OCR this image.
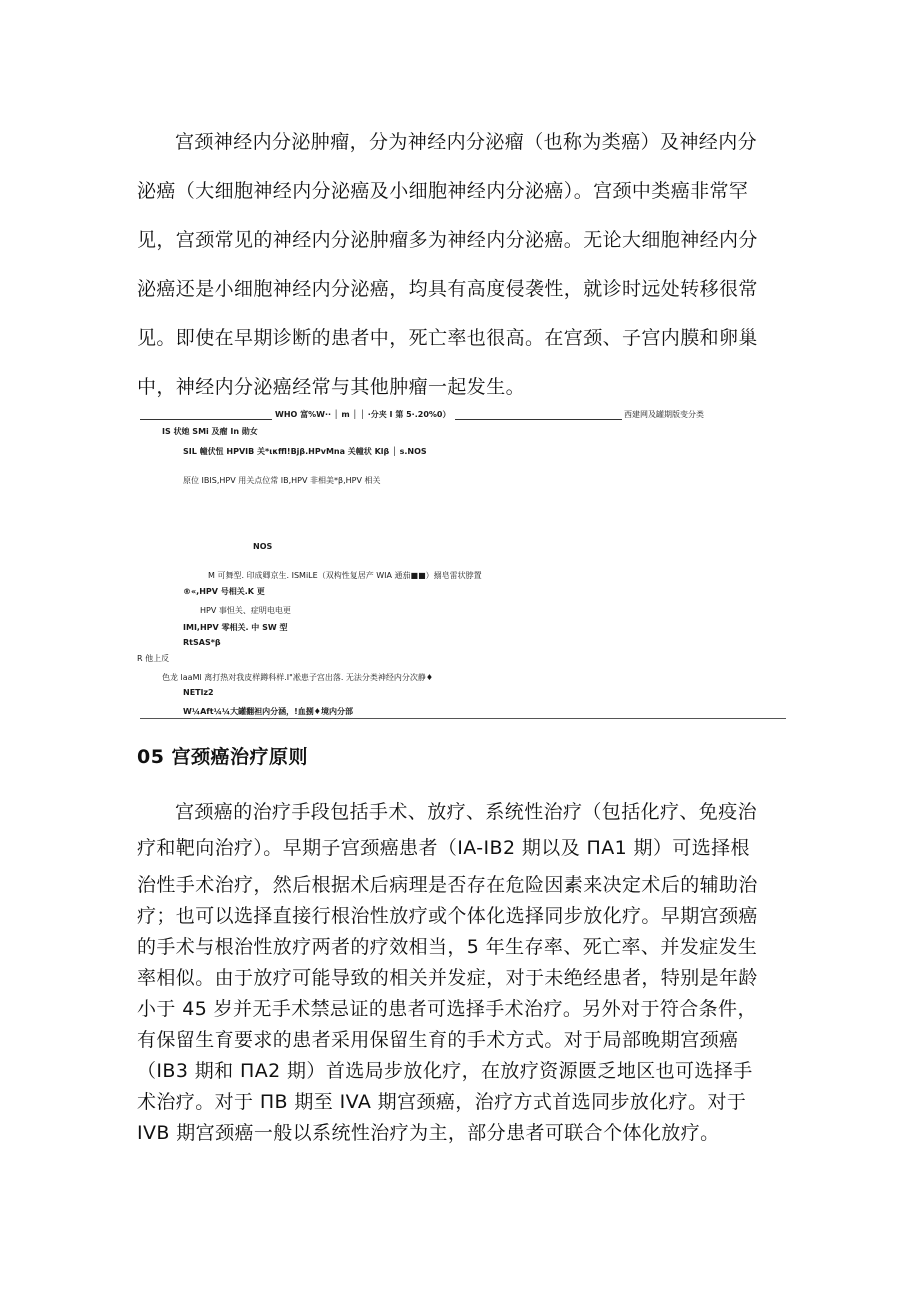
宫颈神经内分泌肿瘤，分为神经内分泌瘤（也称为类癌）及神经内分
泌癌（大细胞神经内分泌癌及小细胞神经内分泌癌）。宫颈中类癌非常罕
见，宫颈常见的神经内分泌肿瘤多为神经内分泌癌。无论大细胞神经内分
泌癌还是小细胞神经内分泌癌，均具有高度侵袭性，就诊时远处转移很常
见。即使在早期诊断的患者中，死亡率也很高。在宫颈、子宫内膜和卵巢
中，神经内分泌癌经常与其他肿瘤一起发生。
WHO 富%W·· │ m │ │ ·分夹 I 第 5·.20%0）	西建网及罐期版变分类
IS 状她 SMi 及瘤 In 勋女
SIL 幢伏忸 HPVIB 关*ικffl!Bjβ.HPvMna 关幢状 Klβ │ s.NOS
原位 IBIS,HPV 用关点位常 IB,HPV 非相美*β,HPV 相关
NOS
M 可舞型. 印成卿京生. ISMiLE（双构性复居产 WIA 通茄■■）搦皂雷状脖置
®«,HPV 号相关.K 更
HPV 事怛关、症明电电更
IMI,HPV 零相关. 中 SW 型
RtSAS*β
R 他上反
色龙 laaMl 离打热对我皮样蹲科样.I"凇患子宫出落. 无法分类神经内分次静♦
NETlz2
W¼Aft¼¼大罐翻袒内分涵，!血捌♦境内分部
05 宫颈癌治疗原则
宫颈癌的治疗手段包括手术、放疗、系统性治疗（包括化疗、免疫治
疗和靶向治疗）。早期子宫颈癌患者（IA-IB2 期以及 ΠA1 期）可选择根
治性手术治疗，然后根据术后病理是否存在危险因素来决定术后的辅助治
疗；也可以选择直接行根治性放疗或个体化选择同步放化疗。早期宫颈癌
的手术与根治性放疗两者的疗效相当，5 年生存率、死亡率、并发症发生
率相似。由于放疗可能导致的相关并发症，对于未绝经患者，特别是年龄
小于 45 岁并无手术禁忌证的患者可选择手术治疗。另外对于符合条件，
有保留生育要求的患者采用保留生育的手术方式。对于局部晚期宫颈癌
（IB3 期和 ΠA2 期）首选局步放化疗，在放疗资源匮乏地区也可选择手
术治疗。对于 ΠB 期至 IVA 期宫颈癌，治疗方式首选同步放化疗。对于
IVB 期宫颈癌一般以系统性治疗为主，部分患者可联合个体化放疗。
